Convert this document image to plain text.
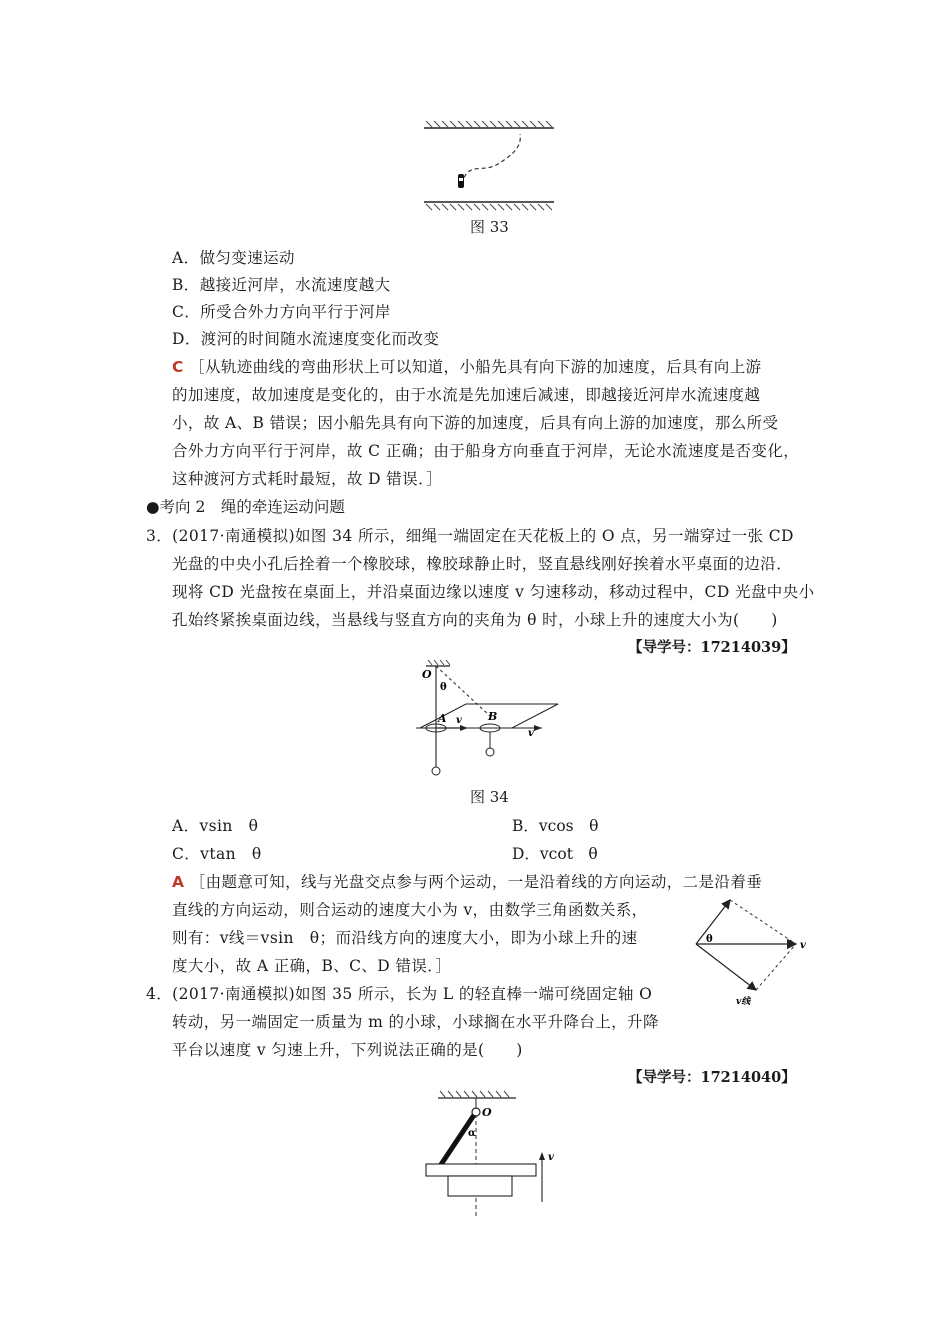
图 33
A．做匀变速运动
B．越接近河岸，水流速度越大
C．所受合外力方向平行于河岸
D．渡河的时间随水流速度变化而改变
C ［从轨迹曲线的弯曲形状上可以知道，小船先具有向下游的加速度，后具有向上游
的加速度，故加速度是变化的，由于水流是先加速后减速，即越接近河岸水流速度越
小，故 A、B 错误；因小船先具有向下游的加速度，后具有向上游的加速度，那么所受
合外力方向平行于河岸，故 C 正确；由于船身方向垂直于河岸，无论水流速度是否变化，
这种渡河方式耗时最短，故 D 错误．］
●考向 2　绳的牵连运动问题
3．(2017·南通模拟)如图 34 所示，细绳一端固定在天花板上的 O 点，另一端穿过一张 CD
光盘的中央小孔后拴着一个橡胶球，橡胶球静止时，竖直悬线刚好挨着水平桌面的边沿．
现将 CD 光盘按在桌面上，并沿桌面边缘以速度 v 匀速移动，移动过程中，CD 光盘中央小
孔始终紧挨桌面边线，当悬线与竖直方向的夹角为 θ 时，小球上升的速度大小为(　　)
【导学号：17214039】
O
θ
A	B
v
v
图 34
A．vsin　θ	B．vcos　θ
C．vtan　θ	D．vcot　θ
A ［由题意可知，线与光盘交点参与两个运动，一是沿着线的方向运动，二是沿着垂
直线的方向运动，则合运动的速度大小为 v，由数学三角函数关系，
则有：v线＝vsin　θ；而沿线方向的速度大小，即为小球上升的速
度大小，故 A 正确，B、C、D 错误．］
θ
v
v线
4．(2017·南通模拟)如图 35 所示，长为 L 的轻直棒一端可绕固定轴 O
转动，另一端固定一质量为 m 的小球，小球搁在水平升降台上，升降
平台以速度 v 匀速上升，下列说法正确的是(　　)
【导学号：17214040】
O
α
v
